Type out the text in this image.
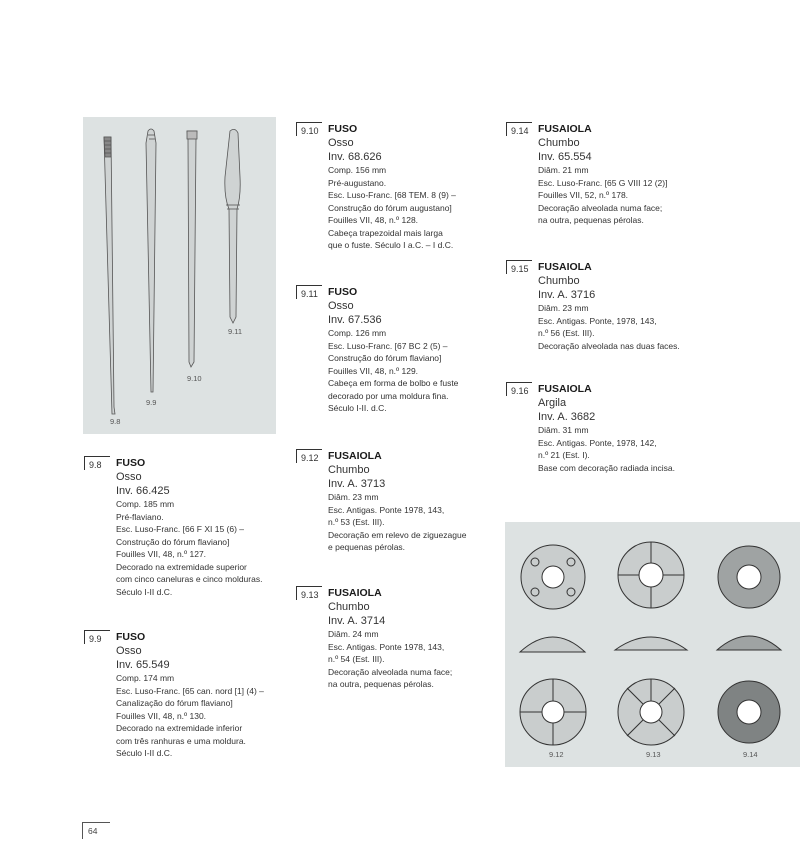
9.8
9.9
9.10
9.11
9.12	9.13	9.14
9.8	FUSO
Osso
Inv. 66.425
Comp. 185 mm
Pré-flaviano.
Esc. Luso-Franc. [66 F XI 15 (6) –
Construção do fórum flaviano]
Fouilles VII, 48, n.º 127.
Decorado na extremidade superior
com cinco caneluras e cinco molduras.
Século I-II d.C.
9.9	FUSO
Osso
Inv. 65.549
Comp. 174 mm
Esc. Luso-Franc. [65 can. nord [1] (4) –
Canalização do fórum flaviano]
Fouilles VII, 48, n.º 130.
Decorado na extremidade inferior
com três ranhuras e uma moldura.
Século I-II d.C.
9.10 FUSO
Osso
Inv. 68.626
Comp. 156 mm
Pré-augustano.
Esc. Luso-Franc. [68 TEM. 8 (9) –
Construção do fórum augustano]
Fouilles VII, 48, n.º 128.
Cabeça trapezoidal mais larga
que o fuste. Século I a.C. – I d.C.
9.11 FUSO
Osso
Inv. 67.536
Comp. 126 mm
Esc. Luso-Franc. [67 BC 2 (5) –
Construção do fórum flaviano]
Fouilles VII, 48, n.º 129.
Cabeça em forma de bolbo e fuste
decorado por uma moldura fina.
Século I-II. d.C.
9.12 FUSAIOLA
Chumbo
Inv. A. 3713
Diâm. 23 mm
Esc. Antigas. Ponte 1978, 143,
n.º 53 (Est. III).
Decoração em relevo de ziguezague
e pequenas pérolas.
9.13 FUSAIOLA
Chumbo
Inv. A. 3714
Diâm. 24 mm
Esc. Antigas. Ponte 1978, 143,
n.º 54 (Est. III).
Decoração alveolada numa face;
na outra, pequenas pérolas.
9.14 FUSAIOLA
Chumbo
Inv. 65.554
Diâm. 21 mm
Esc. Luso-Franc. [65 G VIII 12 (2)]
Fouilles VII, 52, n.º 178.
Decoração alveolada numa face;
na outra, pequenas pérolas.
9.15 FUSAIOLA
Chumbo
Inv. A. 3716
Diâm. 23 mm
Esc. Antigas. Ponte, 1978, 143,
n.º 56 (Est. III).
Decoração alveolada nas duas faces.
9.16 FUSAIOLA
Argila
Inv. A. 3682
Diâm. 31 mm
Esc. Antigas. Ponte, 1978, 142,
n.º 21 (Est. I).
Base com decoração radiada incisa.
64
